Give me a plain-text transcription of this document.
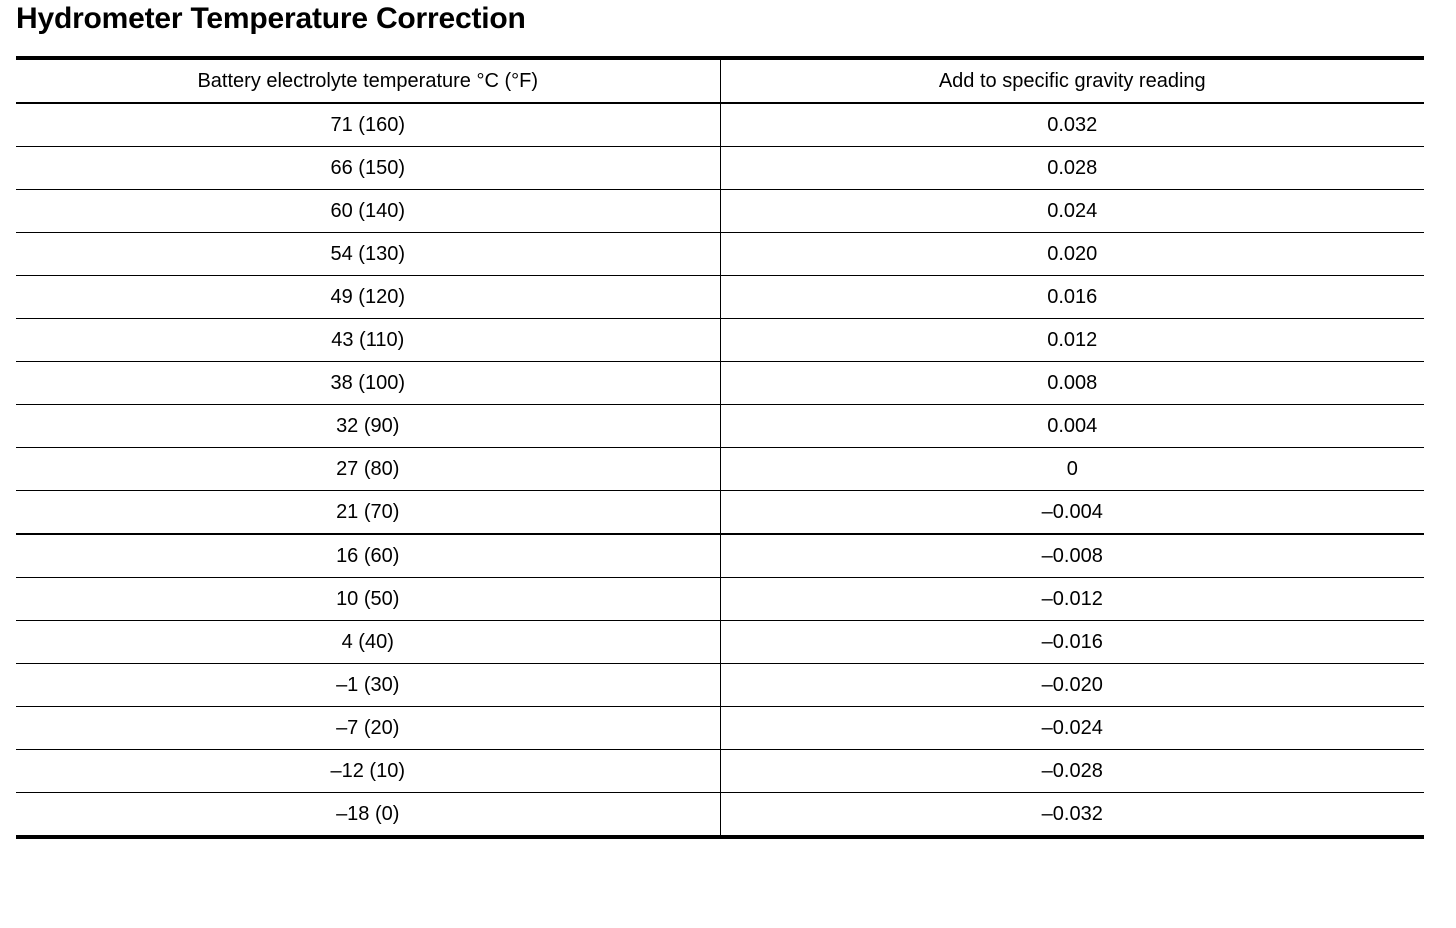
Hydrometer Temperature Correction
Battery electrolyte temperature °C (°F)	Add to specific gravity reading
71 (160)	0.032
66 (150)	0.028
60 (140)	0.024
54 (130)	0.020
49 (120)	0.016
43 (110)	0.012
38 (100)	0.008
32 (90)	0.004
27 (80)	0
21 (70)	–0.004
16 (60)	–0.008
10 (50)	–0.012
4 (40)	–0.016
–1 (30)	–0.020
–7 (20)	–0.024
–12 (10)	–0.028
–18 (0)	–0.032
